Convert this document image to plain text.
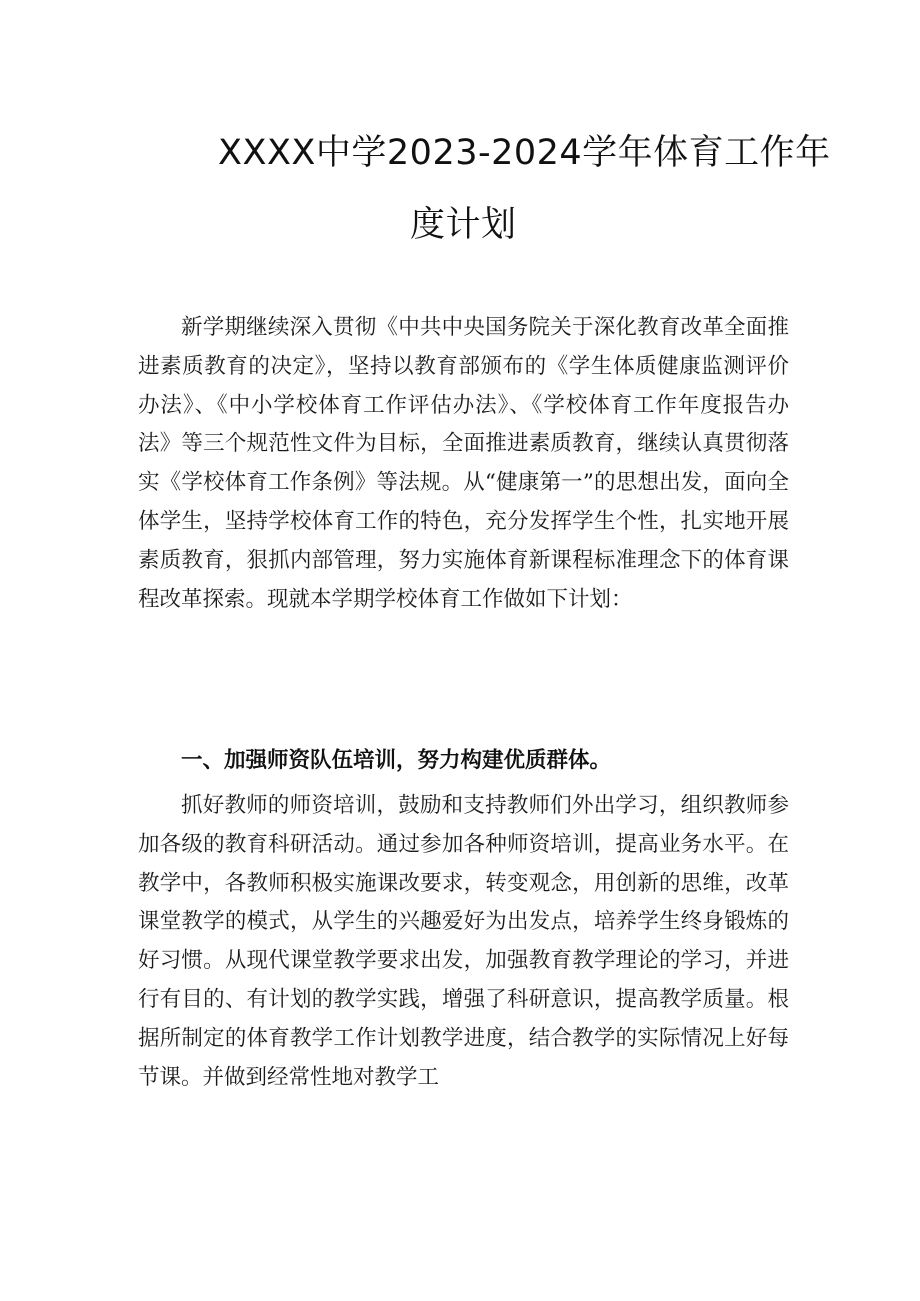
XXXX中学2023-2024学年体育工作年
度计划

新学期继续深入贯彻《中共中央国务院关于深化教育改革全面推进素质教育的决定》，坚持以教育部颁布的《学生体质健康监测评价办法》、《中小学校体育工作评估办法》、《学校体育工作年度报告办法》等三个规范性文件为目标，全面推进素质教育，继续认真贯彻落实《学校体育工作条例》等法规。从“健康第一”的思想出发，面向全体学生，坚持学校体育工作的特色，充分发挥学生个性，扎实地开展素质教育，狠抓内部管理，努力实施体育新课程标准理念下的体育课程改革探索。现就本学期学校体育工作做如下计划：

一、加强师资队伍培训，努力构建优质群体。

抓好教师的师资培训，鼓励和支持教师们外出学习，组织教师参加各级的教育科研活动。通过参加各种师资培训，提高业务水平。在教学中，各教师积极实施课改要求，转变观念，用创新的思维，改革课堂教学的模式，从学生的兴趣爱好为出发点，培养学生终身锻炼的好习惯。从现代课堂教学要求出发，加强教育教学理论的学习，并进行有目的、有计划的教学实践，增强了科研意识，提高教学质量。根据所制定的体育教学工作计划教学进度，结合教学的实际情况上好每节课。并做到经常性地对教学工
